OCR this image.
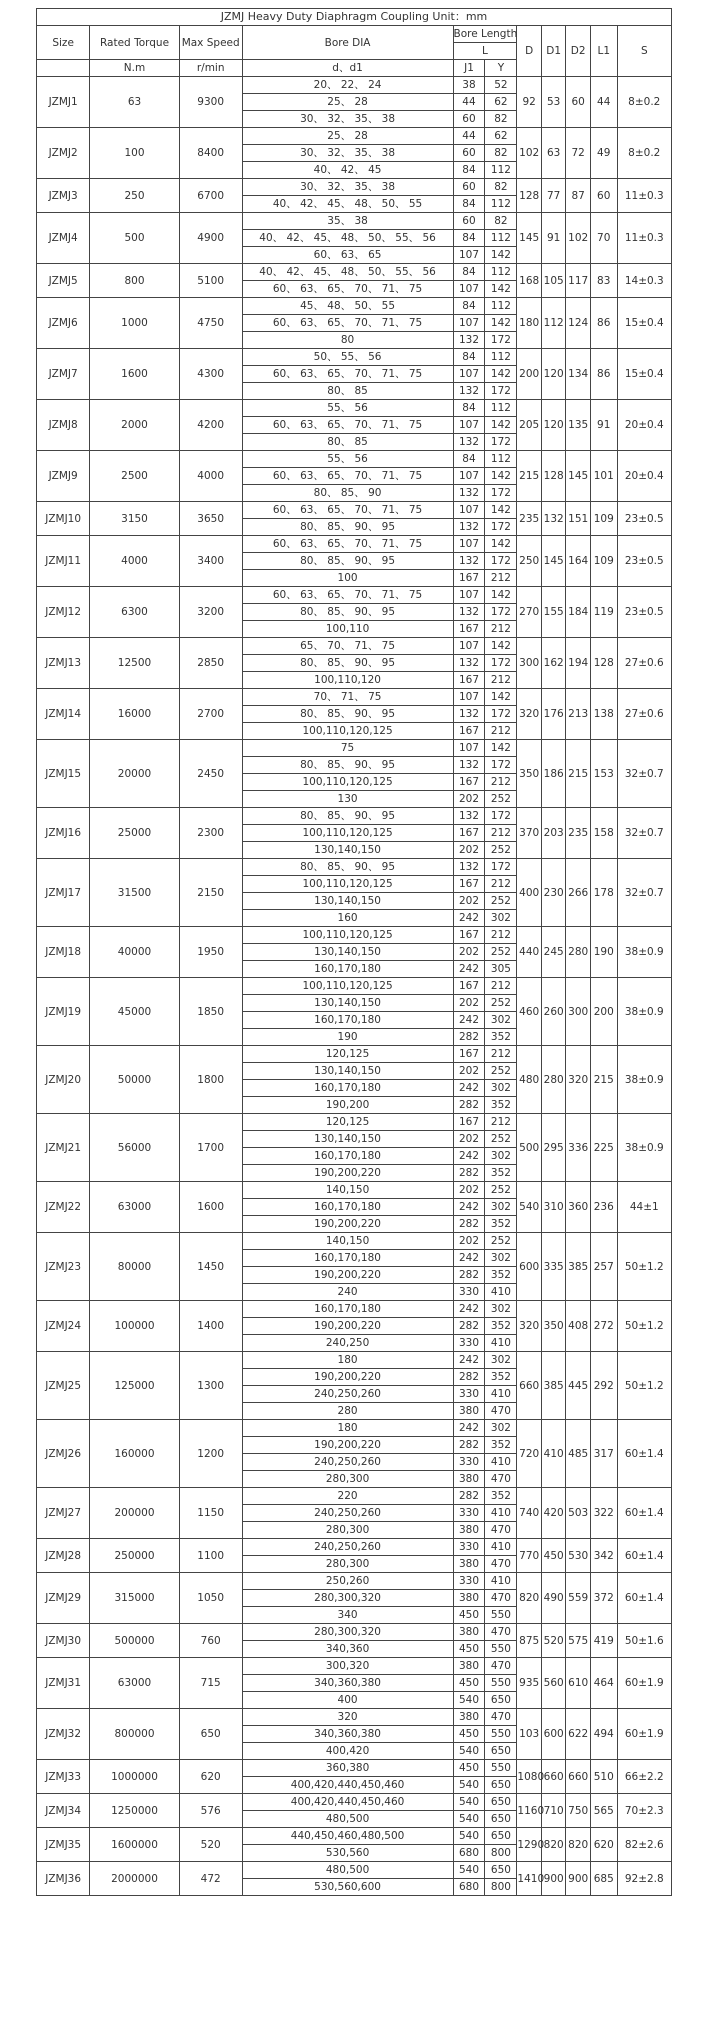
JZMJ Heavy Duty Diaphragm Coupling Unit：mm										
Size	Rated Torque	Max Speed	Bore DIA	Bore Length		D	D1	D2	L1	S
				L						
	N.m	r/min	d、d1	J1	Y					
JZMJ1	63	9300	20、 22、 24	38	52	92	53	60	44	8±0.2
			25、 28	44	62					
			30、 32、 35、 38	60	82					
JZMJ2	100	8400	25、 28	44	62	102	63	72	49	8±0.2
			30、 32、 35、 38	60	82					
			40、 42、 45	84	112					
JZMJ3	250	6700	30、 32、 35、 38	60	82	128	77	87	60	11±0.3
			40、 42、 45、 48、 50、 55	84	112					
JZMJ4	500	4900	35、 38	60	82	145	91	102	70	11±0.3
			40、 42、 45、 48、 50、 55、 56	84	112					
			60、 63、 65	107	142					
JZMJ5	800	5100	40、 42、 45、 48、 50、 55、 56	84	112	168	105	117	83	14±0.3
			60、 63、 65、 70、 71、 75	107	142					
JZMJ6	1000	4750	45、 48、 50、 55	84	112	180	112	124	86	15±0.4
			60、 63、 65、 70、 71、 75	107	142					
			80	132	172					
JZMJ7	1600	4300	50、 55、 56	84	112	200	120	134	86	15±0.4
			60、 63、 65、 70、 71、 75	107	142					
			80、 85	132	172					
JZMJ8	2000	4200	55、 56	84	112	205	120	135	91	20±0.4
			60、 63、 65、 70、 71、 75	107	142					
			80、 85	132	172					
JZMJ9	2500	4000	55、 56	84	112	215	128	145	101	20±0.4
			60、 63、 65、 70、 71、 75	107	142					
			80、 85、 90	132	172					
JZMJ10	3150	3650	60、 63、 65、 70、 71、 75	107	142	235	132	151	109	23±0.5
			80、 85、 90、 95	132	172					
JZMJ11	4000	3400	60、 63、 65、 70、 71、 75	107	142	250	145	164	109	23±0.5
			80、 85、 90、 95	132	172					
			100	167	212					
JZMJ12	6300	3200	60、 63、 65、 70、 71、 75	107	142	270	155	184	119	23±0.5
			80、 85、 90、 95	132	172					
			100,110	167	212					
JZMJ13	12500	2850	65、 70、 71、 75	107	142	300	162	194	128	27±0.6
			80、 85、 90、 95	132	172					
			100,110,120	167	212					
JZMJ14	16000	2700	70、 71、 75	107	142	320	176	213	138	27±0.6
			80、 85、 90、 95	132	172					
			100,110,120,125	167	212					
JZMJ15	20000	2450	75	107	142	350	186	215	153	32±0.7
			80、 85、 90、 95	132	172					
			100,110,120,125	167	212					
			130	202	252					
JZMJ16	25000	2300	80、 85、 90、 95	132	172	370	203	235	158	32±0.7
			100,110,120,125	167	212					
			130,140,150	202	252					
JZMJ17	31500	2150	80、 85、 90、 95	132	172	400	230	266	178	32±0.7
			100,110,120,125	167	212					
			130,140,150	202	252					
			160	242	302					
JZMJ18	40000	1950	100,110,120,125	167	212	440	245	280	190	38±0.9
			130,140,150	202	252					
			160,170,180	242	305					
JZMJ19	45000	1850	100,110,120,125	167	212	460	260	300	200	38±0.9
			130,140,150	202	252					
			160,170,180	242	302					
			190	282	352					
JZMJ20	50000	1800	120,125	167	212	480	280	320	215	38±0.9
			130,140,150	202	252					
			160,170,180	242	302					
			190,200	282	352					
JZMJ21	56000	1700	120,125	167	212	500	295	336	225	38±0.9
			130,140,150	202	252					
			160,170,180	242	302					
			190,200,220	282	352					
JZMJ22	63000	1600	140,150	202	252	540	310	360	236	44±1
			160,170,180	242	302					
			190,200,220	282	352					
JZMJ23	80000	1450	140,150	202	252	600	335	385	257	50±1.2
			160,170,180	242	302					
			190,200,220	282	352					
			240	330	410					
JZMJ24	100000	1400	160,170,180	242	302	320	350	408	272	50±1.2
			190,200,220	282	352					
			240,250	330	410					
JZMJ25	125000	1300	180	242	302	660	385	445	292	50±1.2
			190,200,220	282	352					
			240,250,260	330	410					
			280	380	470					
JZMJ26	160000	1200	180	242	302	720	410	485	317	60±1.4
			190,200,220	282	352					
			240,250,260	330	410					
			280,300	380	470					
JZMJ27	200000	1150	220	282	352	740	420	503	322	60±1.4
			240,250,260	330	410					
			280,300	380	470					
JZMJ28	250000	1100	240,250,260	330	410	770	450	530	342	60±1.4
			280,300	380	470					
JZMJ29	315000	1050	250,260	330	410	820	490	559	372	60±1.4
			280,300,320	380	470					
			340	450	550					
JZMJ30	500000	760	280,300,320	380	470	875	520	575	419	50±1.6
			340,360	450	550					
JZMJ31	63000	715	300,320	380	470	935	560	610	464	60±1.9
			340,360,380	450	550					
			400	540	650					
JZMJ32	800000	650	320	380	470	103	600	622	494	60±1.9
			340,360,380	450	550					
			400,420	540	650					
JZMJ33	1000000	620	360,380	450	550	1080	660	660	510	66±2.2
			400,420,440,450,460	540	650					
JZMJ34	1250000	576	400,420,440,450,460	540	650	1160	710	750	565	70±2.3
			480,500	540	650					
JZMJ35	1600000	520	440,450,460,480,500	540	650	1290	820	820	620	82±2.6
			530,560	680	800					
JZMJ36	2000000	472	480,500	540	650	1410	900	900	685	92±2.8
			530,560,600	680	800					
